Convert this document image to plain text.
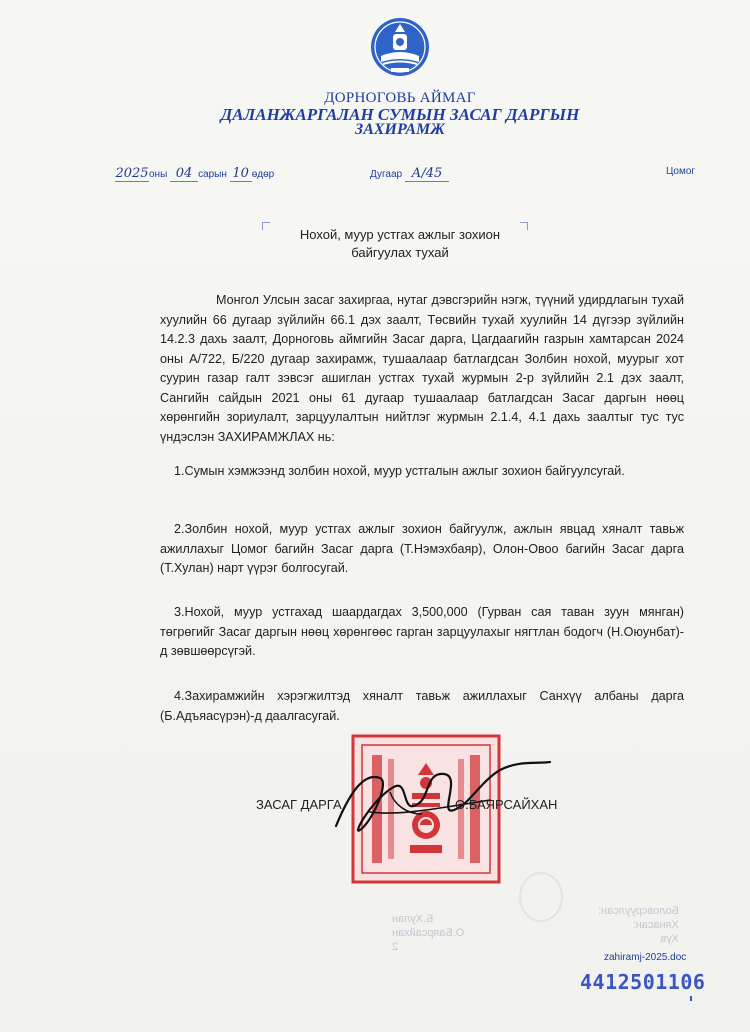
ДОРНОГОВЬ АЙМАГ
ДАЛАНЖАРГАЛАН СУМЫН ЗАСАГ ДАРГЫН
ЗАХИРАМЖ
2025оны 04 сарын 10 өдөр	Дугаар А/45	Цомог
Нохой, муур устгах ажлыг зохион
байгуулах тухай
Монгол Улсын засаг захиргаа, нутаг дэвсгэрийн нэгж, түүний удирдлагын тухай хуулийн 66 дугаар зүйлийн 66.1 дэх заалт, Төсвийн тухай хуулийн 14 дүгээр зүйлийн 14.2.3 дахь заалт, Дорноговь аймгийн Засаг дарга, Цагдаагийн газрын хамтарсан 2024 оны А/722, Б/220 дугаар захирамж, тушаалаар батлагдсан Золбин нохой, муурыг хот суурин газар галт зэвсэг ашиглан устгах тухай журмын 2-р зүйлийн 2.1 дэх заалт, Сангийн сайдын 2021 оны 61 дугаар тушаалаар батлагдсан Засаг даргын нөөц хөрөнгийн зориулалт, зарцуулалтын нийтлэг журмын 2.1.4, 4.1 дахь заалтыг тус тус үндэслэн ЗАХИРАМЖЛАХ нь:
1.Сумын хэмжээнд золбин нохой, муур устгалын ажлыг зохион байгуулсугай.
2.Золбин нохой, муур устгах ажлыг зохион байгуулж, ажлын явцад хяналт тавьж ажиллахыг Цомог багийн Засаг дарга (Т.Нэмэхбаяр), Олон-Овоо багийн Засаг дарга (Т.Хулан) нарт үүрэг болгосугай.
3.Нохой, муур устгахад шаардагдах 3,500,000 (Гурван сая таван зуун мянган) төгрөгийг Засаг даргын нөөц хөрөнгөөс гарган зарцуулахыг нягтлан бодогч (Н.Оюунбат)-д зөвшөөрсүгэй.
4.Захирамжийн хэрэгжилтэд хяналт тавьж ажиллахыг Санхүү албаны дарга (Б.Адъяасүрэн)-д даалгасугай.
ЗАСАГ ДАРГА	О.БАЯРСАЙХАН
Боловсруулсан:
Хянасан:
Хув
Б.Хулан
О.Баярсайхан
2
zahiramj-2025.doc
4412501106
